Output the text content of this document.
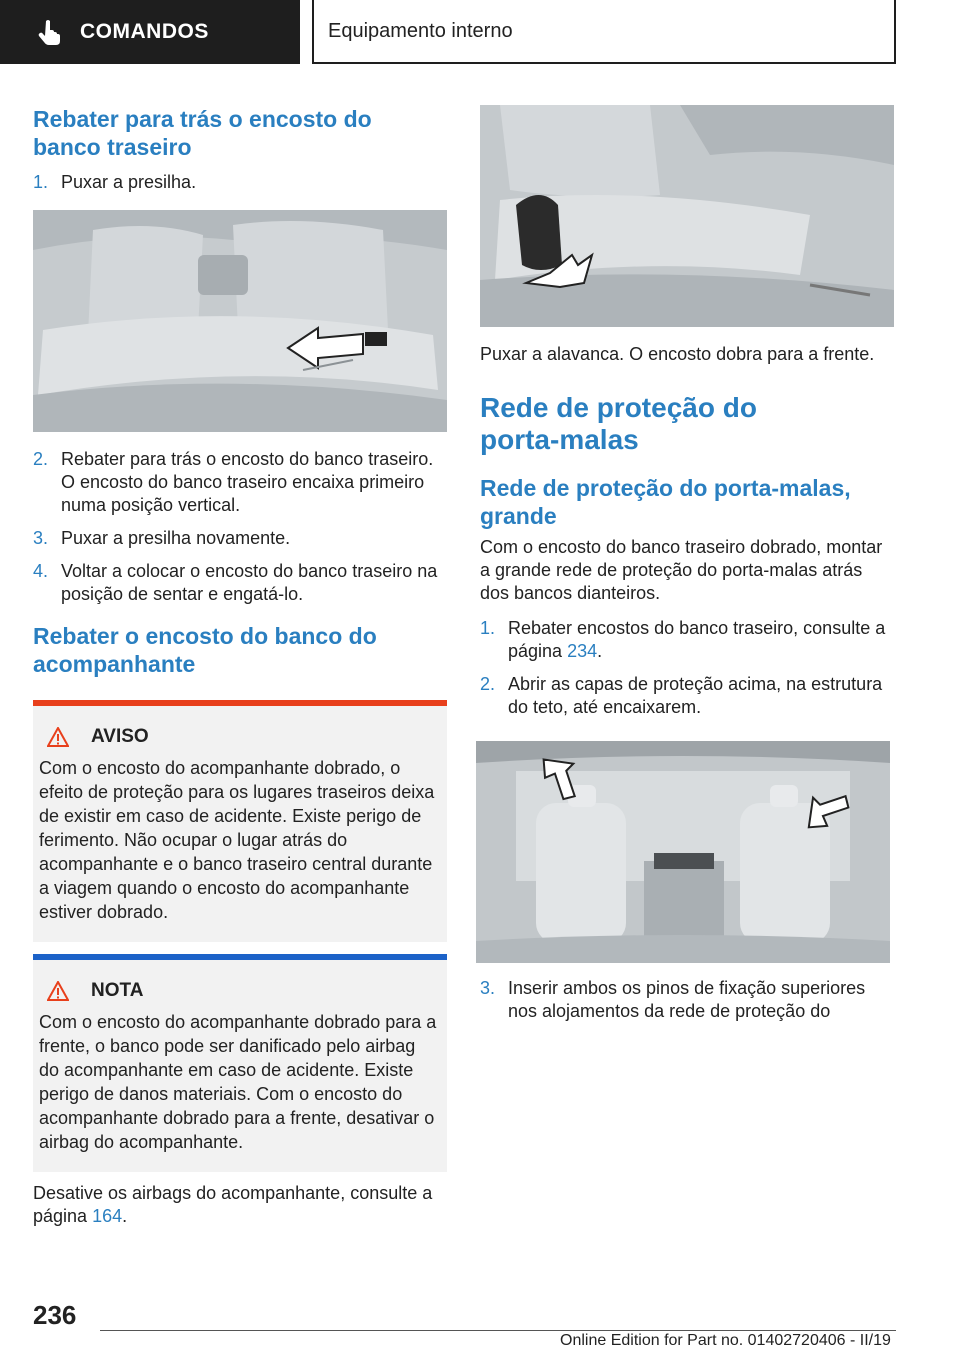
COMANDOS	Equipamento interno
Rebater para trás o encosto do banco traseiro
1. Puxar a presilha.
2. Rebater para trás o encosto do banco traseiro. O encosto do banco traseiro encaixa primeiro numa posição vertical.
3. Puxar a presilha novamente.
4. Voltar a colocar o encosto do banco traseiro na posição de sentar e engatá-lo.
Rebater o encosto do banco do acompanhante
AVISO
Com o encosto do acompanhante dobrado, o efeito de proteção para os lugares traseiros deixa de existir em caso de acidente. Existe perigo de ferimento. Não ocupar o lugar atrás do acompanhante e o banco traseiro central durante a viagem quando o encosto do acompanhante estiver dobrado.
NOTA
Com o encosto do acompanhante dobrado para a frente, o banco pode ser danificado pelo airbag do acompanhante em caso de acidente. Existe perigo de danos materiais. Com o encosto do acompanhante dobrado para a frente, desativar o airbag do acompanhante.

Desative os airbags do acompanhante, consulte a página 164.

Puxar a alavanca. O encosto dobra para a frente.

Rede de proteção do porta-malas
Rede de proteção do porta-malas, grande

Com o encosto do banco traseiro dobrado, montar a grande rede de proteção do porta-malas atrás dos bancos dianteiros.

1. Rebater encostos do banco traseiro, consulte a página 234.
2. Abrir as capas de proteção acima, na estrutura do teto, até encaixarem.
3. Inserir ambos os pinos de fixação superiores nos alojamentos da rede de proteção do
236
Online Edition for Part no. 01402720406 - II/19
